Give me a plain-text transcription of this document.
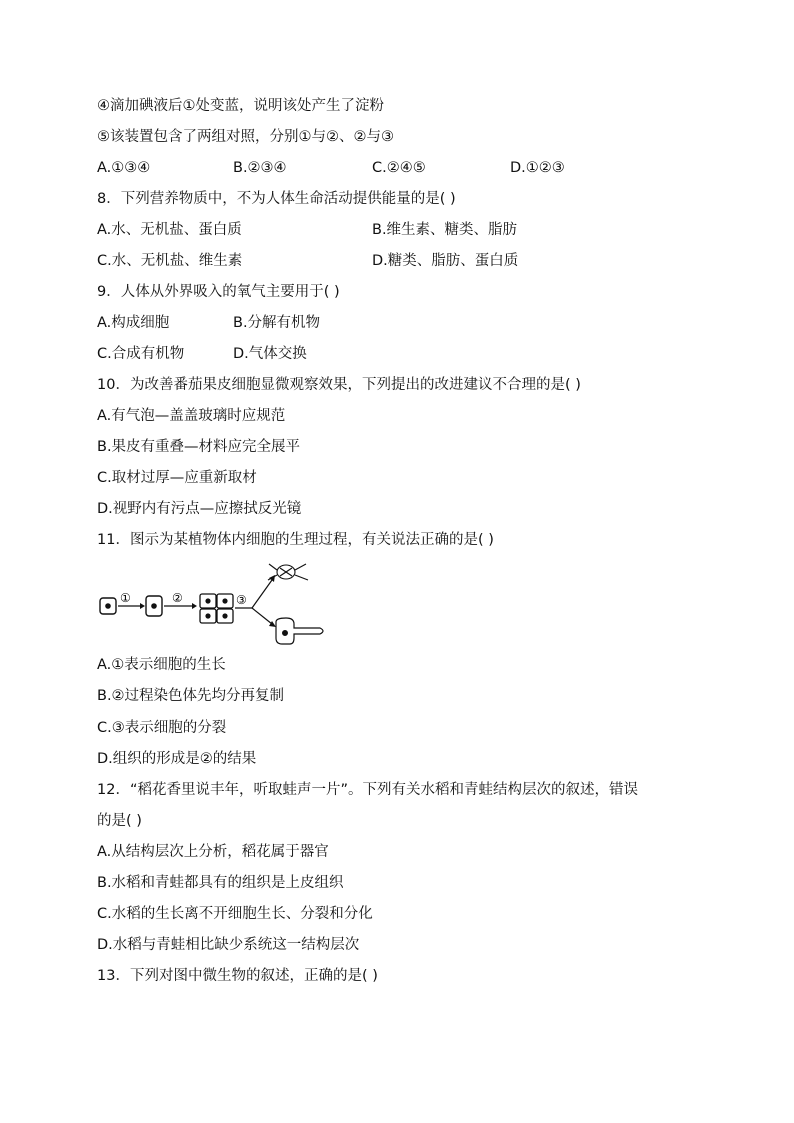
④滴加碘液后①处变蓝，说明该处产生了淀粉
⑤该装置包含了两组对照，分别①与②、②与③
A.①③④	B.②③④	C.②④⑤	D.①②③
8．下列营养物质中，不为人体生命活动提供能量的是( )
A.水、无机盐、蛋白质	B.维生素、糖类、脂肪
C.水、无机盐、维生素	D.糖类、脂肪、蛋白质
9．人体从外界吸入的氧气主要用于( )
A.构成细胞	B.分解有机物
C.合成有机物	D.气体交换
10．为改善番茄果皮细胞显微观察效果，下列提出的改进建议不合理的是( )
A.有气泡—盖盖玻璃时应规范
B.果皮有重叠—材料应完全展平
C.取材过厚—应重新取材
D.视野内有污点—应擦拭反光镜
11．图示为某植物体内细胞的生理过程，有关说法正确的是( )
①	②	③
A.①表示细胞的生长
B.②过程染色体先均分再复制
C.③表示细胞的分裂
D.组织的形成是②的结果
12．“稻花香里说丰年，听取蛙声一片”。下列有关水稻和青蛙结构层次的叙述，错误
的是( )
A.从结构层次上分析，稻花属于器官
B.水稻和青蛙都具有的组织是上皮组织
C.水稻的生长离不开细胞生长、分裂和分化
D.水稻与青蛙相比缺少系统这一结构层次
13．下列对图中微生物的叙述，正确的是( )
